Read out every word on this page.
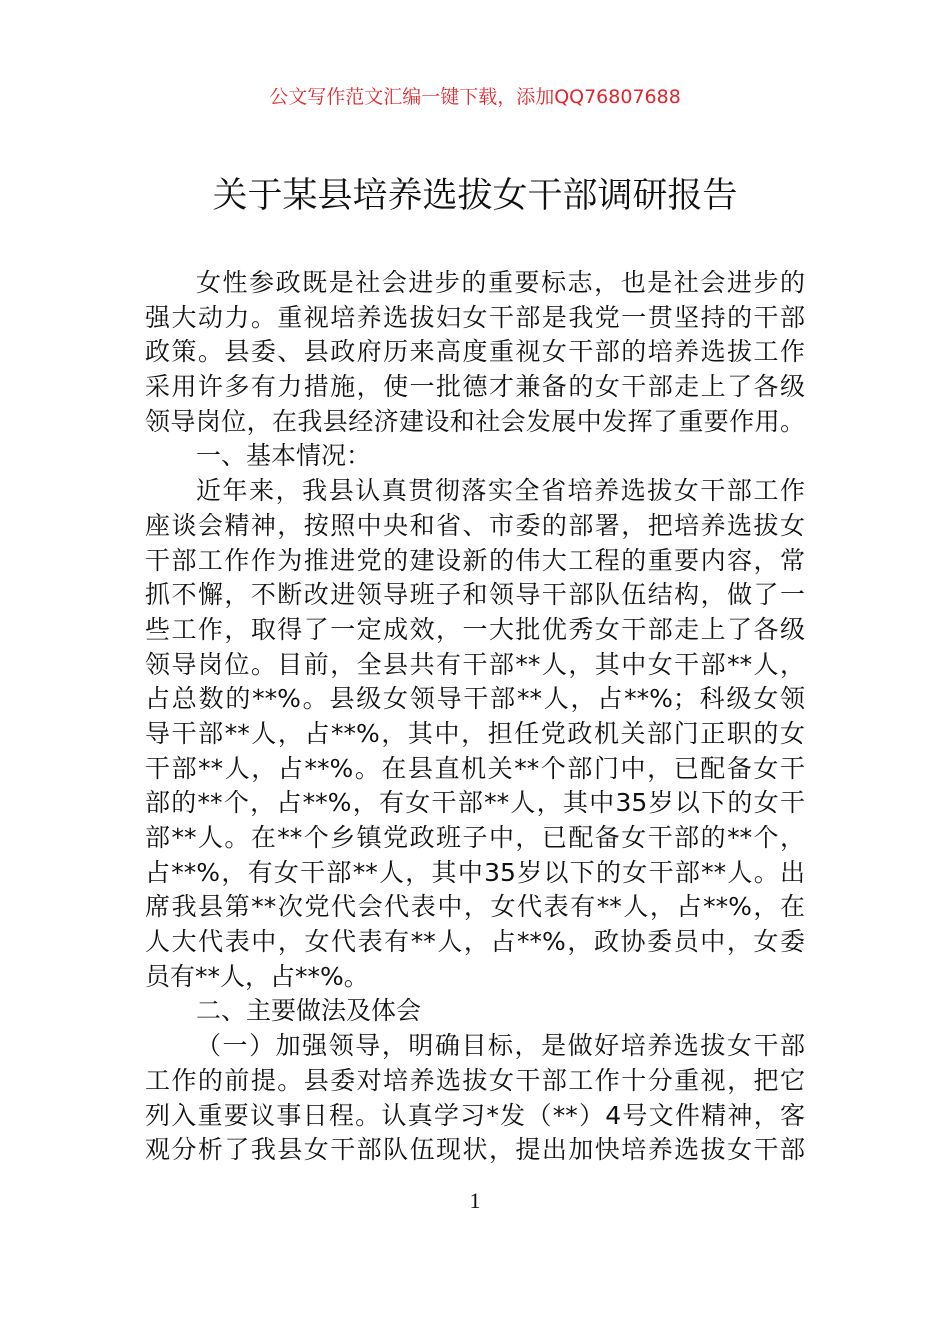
公文写作范文汇编一键下载，添加QQ76807688
关于某县培养选拔女干部调研报告
女性参政既是社会进步的重要标志，也是社会进步的
强大动力。重视培养选拔妇女干部是我党一贯坚持的干部
政策。县委、县政府历来高度重视女干部的培养选拔工作
采用许多有力措施，使一批德才兼备的女干部走上了各级
领导岗位，在我县经济建设和社会发展中发挥了重要作用。
一、基本情况：
近年来，我县认真贯彻落实全省培养选拔女干部工作
座谈会精神，按照中央和省、市委的部署，把培养选拔女
干部工作作为推进党的建设新的伟大工程的重要内容，常
抓不懈，不断改进领导班子和领导干部队伍结构，做了一
些工作，取得了一定成效，一大批优秀女干部走上了各级
领导岗位。目前，全县共有干部**人，其中女干部**人，
占总数的**%。县级女领导干部**人，占**%；科级女领
导干部**人，占**%，其中，担任党政机关部门正职的女
干部**人，占**%。在县直机关**个部门中，已配备女干
部的**个，占**%，有女干部**人，其中35岁以下的女干
部**人。在**个乡镇党政班子中，已配备女干部的**个，
占**%，有女干部**人，其中35岁以下的女干部**人。出
席我县第**次党代会代表中，女代表有**人，占**%，在
人大代表中，女代表有**人，占**%，政协委员中，女委
员有**人，占**%。
二、主要做法及体会
（一）加强领导，明确目标，是做好培养选拔女干部
工作的前提。县委对培养选拔女干部工作十分重视，把它
列入重要议事日程。认真学习*发（**）4号文件精神，客
观分析了我县女干部队伍现状，提出加快培养选拔女干部
1
